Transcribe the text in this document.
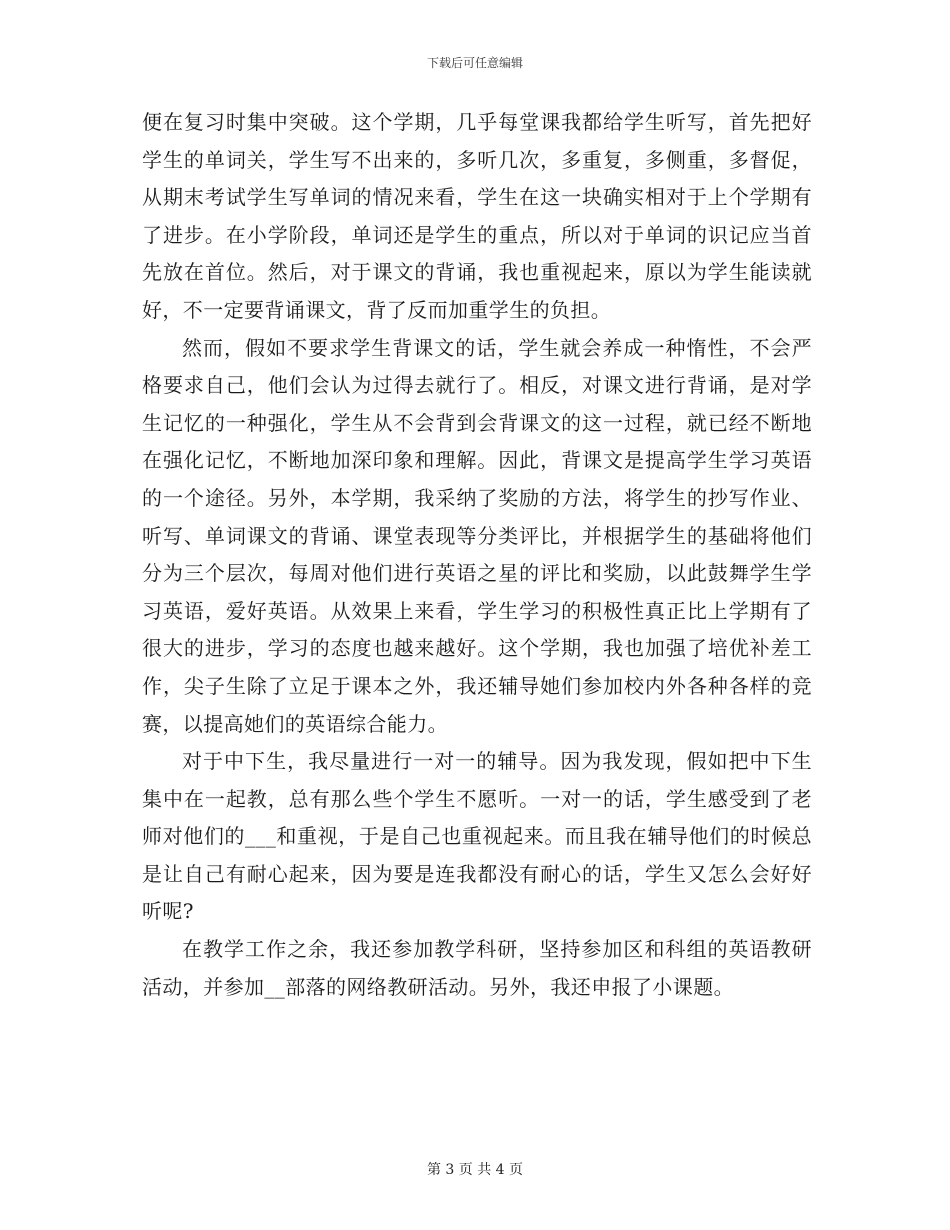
下载后可任意编辑

便在复习时集中突破。这个学期，几乎每堂课我都给学生听写，首先把好学生的单词关，学生写不出来的，多听几次，多重复，多侧重，多督促，从期末考试学生写单词的情况来看，学生在这一块确实相对于上个学期有了进步。在小学阶段，单词还是学生的重点，所以对于单词的识记应当首先放在首位。然后，对于课文的背诵，我也重视起来，原以为学生能读就好，不一定要背诵课文，背了反而加重学生的负担。

然而，假如不要求学生背课文的话，学生就会养成一种惰性，不会严格要求自己，他们会认为过得去就行了。相反，对课文进行背诵，是对学生记忆的一种强化，学生从不会背到会背课文的这一过程，就已经不断地在强化记忆，不断地加深印象和理解。因此，背课文是提高学生学习英语的一个途径。另外，本学期，我采纳了奖励的方法，将学生的抄写作业、听写、单词课文的背诵、课堂表现等分类评比，并根据学生的基础将他们分为三个层次，每周对他们进行英语之星的评比和奖励，以此鼓舞学生学习英语，爱好英语。从效果上来看，学生学习的积极性真正比上学期有了很大的进步，学习的态度也越来越好。这个学期，我也加强了培优补差工作，尖子生除了立足于课本之外，我还辅导她们参加校内外各种各样的竞赛，以提高她们的英语综合能力。

对于中下生，我尽量进行一对一的辅导。因为我发现，假如把中下生集中在一起教，总有那么些个学生不愿听。一对一的话，学生感受到了老师对他们的___和重视，于是自己也重视起来。而且我在辅导他们的时候总是让自己有耐心起来，因为要是连我都没有耐心的话，学生又怎么会好好听呢?

在教学工作之余，我还参加教学科研，坚持参加区和科组的英语教研活动，并参加__部落的网络教研活动。另外，我还申报了小课题。

第 3 页 共 4 页
